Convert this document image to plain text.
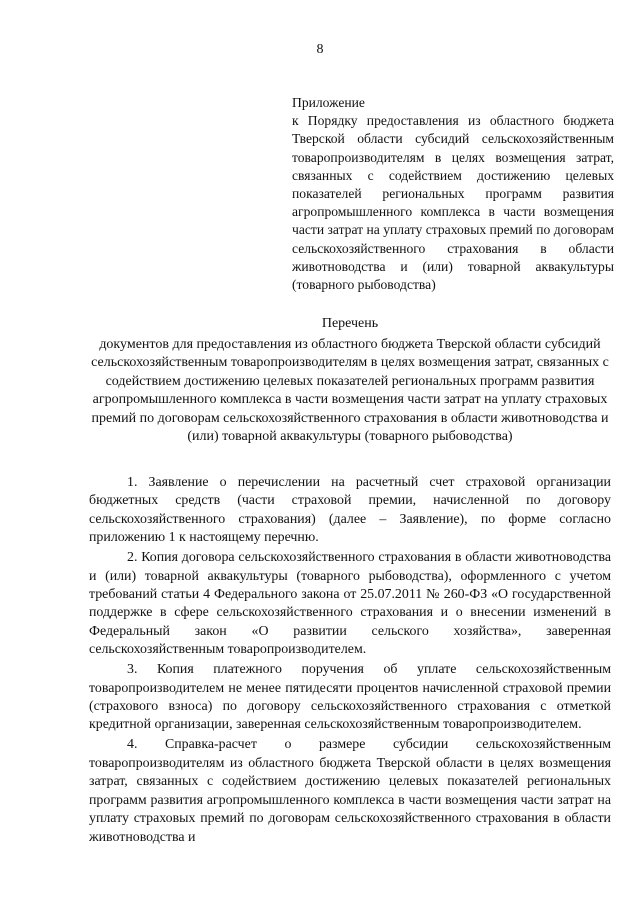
8
Приложение
к Порядку предоставления из областного бюджета Тверской области субсидий сельскохозяйственным товаропроизводителям в целях возмещения затрат, связанных с содействием достижению целевых показателей региональных программ развития агропромышленного комплекса в части возмещения части затрат на уплату страховых премий по договорам сельскохозяйственного страхования в области животноводства и (или) товарной аквакультуры (товарного рыбоводства)
Перечень
документов для предоставления из областного бюджета Тверской области субсидий сельскохозяйственным товаропроизводителям в целях возмещения затрат, связанных с содействием достижению целевых показателей региональных программ развития агропромышленного комплекса в части возмещения части затрат на уплату страховых премий по договорам сельскохозяйственного страхования в области животноводства и (или) товарной аквакультуры (товарного рыбоводства)

1. Заявление о перечислении на расчетный счет страховой организации бюджетных средств (части страховой премии, начисленной по договору сельскохозяйственного страхования) (далее – Заявление), по форме согласно приложению 1 к настоящему перечню.

2. Копия договора сельскохозяйственного страхования в области животноводства и (или) товарной аквакультуры (товарного рыбоводства), оформленного с учетом требований статьи 4 Федерального закона от 25.07.2011 № 260-ФЗ «О государственной поддержке в сфере сельскохозяйственного страхования и о внесении изменений в Федеральный закон «О развитии сельского хозяйства», заверенная сельскохозяйственным товаропроизводителем.

3. Копия платежного поручения об уплате сельскохозяйственным товаропроизводителем не менее пятидесяти процентов начисленной страховой премии (страхового взноса) по договору сельскохозяйственного страхования с отметкой кредитной организации, заверенная сельскохозяйственным товаропроизводителем.

4. Справка-расчет о размере субсидии сельскохозяйственным товаропроизводителям из областного бюджета Тверской области в целях возмещения затрат, связанных с содействием достижению целевых показателей региональных программ развития агропромышленного комплекса в части возмещения части затрат на уплату страховых премий по договорам сельскохозяйственного страхования в области животноводства и
